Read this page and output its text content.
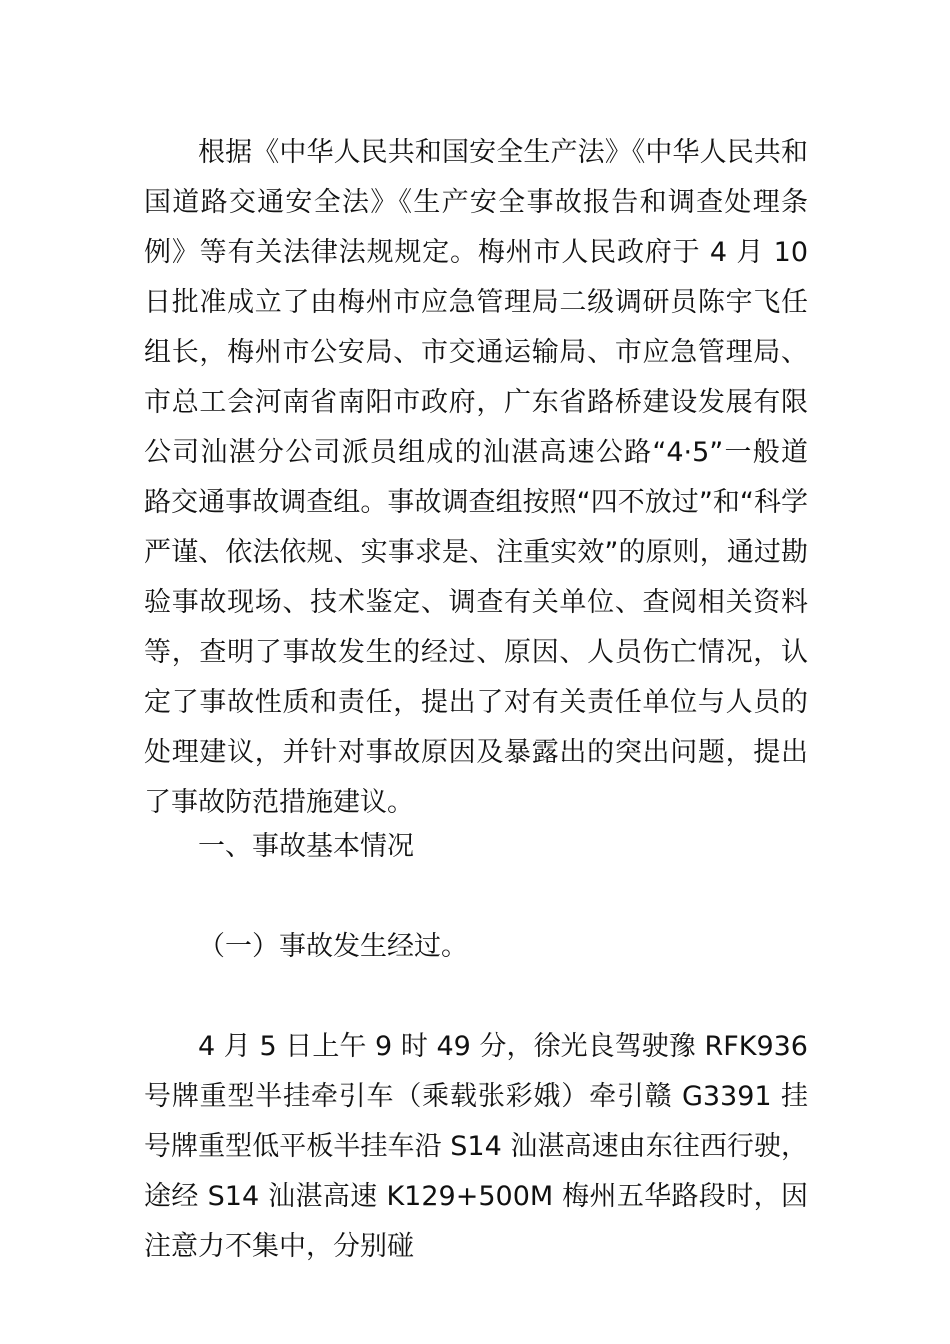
根据《中华人民共和国安全生产法》《中华人民共和国道路交通安全法》《生产安全事故报告和调查处理条例》等有关法律法规规定。梅州市人民政府于 4 月 10 日批准成立了由梅州市应急管理局二级调研员陈宇飞任组长，梅州市公安局、市交通运输局、市应急管理局、市总工会河南省南阳市政府，广东省路桥建设发展有限公司汕湛分公司派员组成的汕湛高速公路“4·5”一般道路交通事故调查组。事故调查组按照“四不放过”和“科学严谨、依法依规、实事求是、注重实效”的原则，通过勘验事故现场、技术鉴定、调查有关单位、查阅相关资料等，查明了事故发生的经过、原因、人员伤亡情况，认定了事故性质和责任，提出了对有关责任单位与人员的处理建议，并针对事故原因及暴露出的突出问题，提出了事故防范措施建议。

一、事故基本情况

（一）事故发生经过。

4 月 5 日上午 9 时 49 分，徐光良驾驶豫 RFK936 号牌重型半挂牵引车（乘载张彩娥）牵引赣 G3391 挂号牌重型低平板半挂车沿 S14 汕湛高速由东往西行驶，途经 S14 汕湛高速 K129+500M 梅州五华路段时，因注意力不集中，分别碰
